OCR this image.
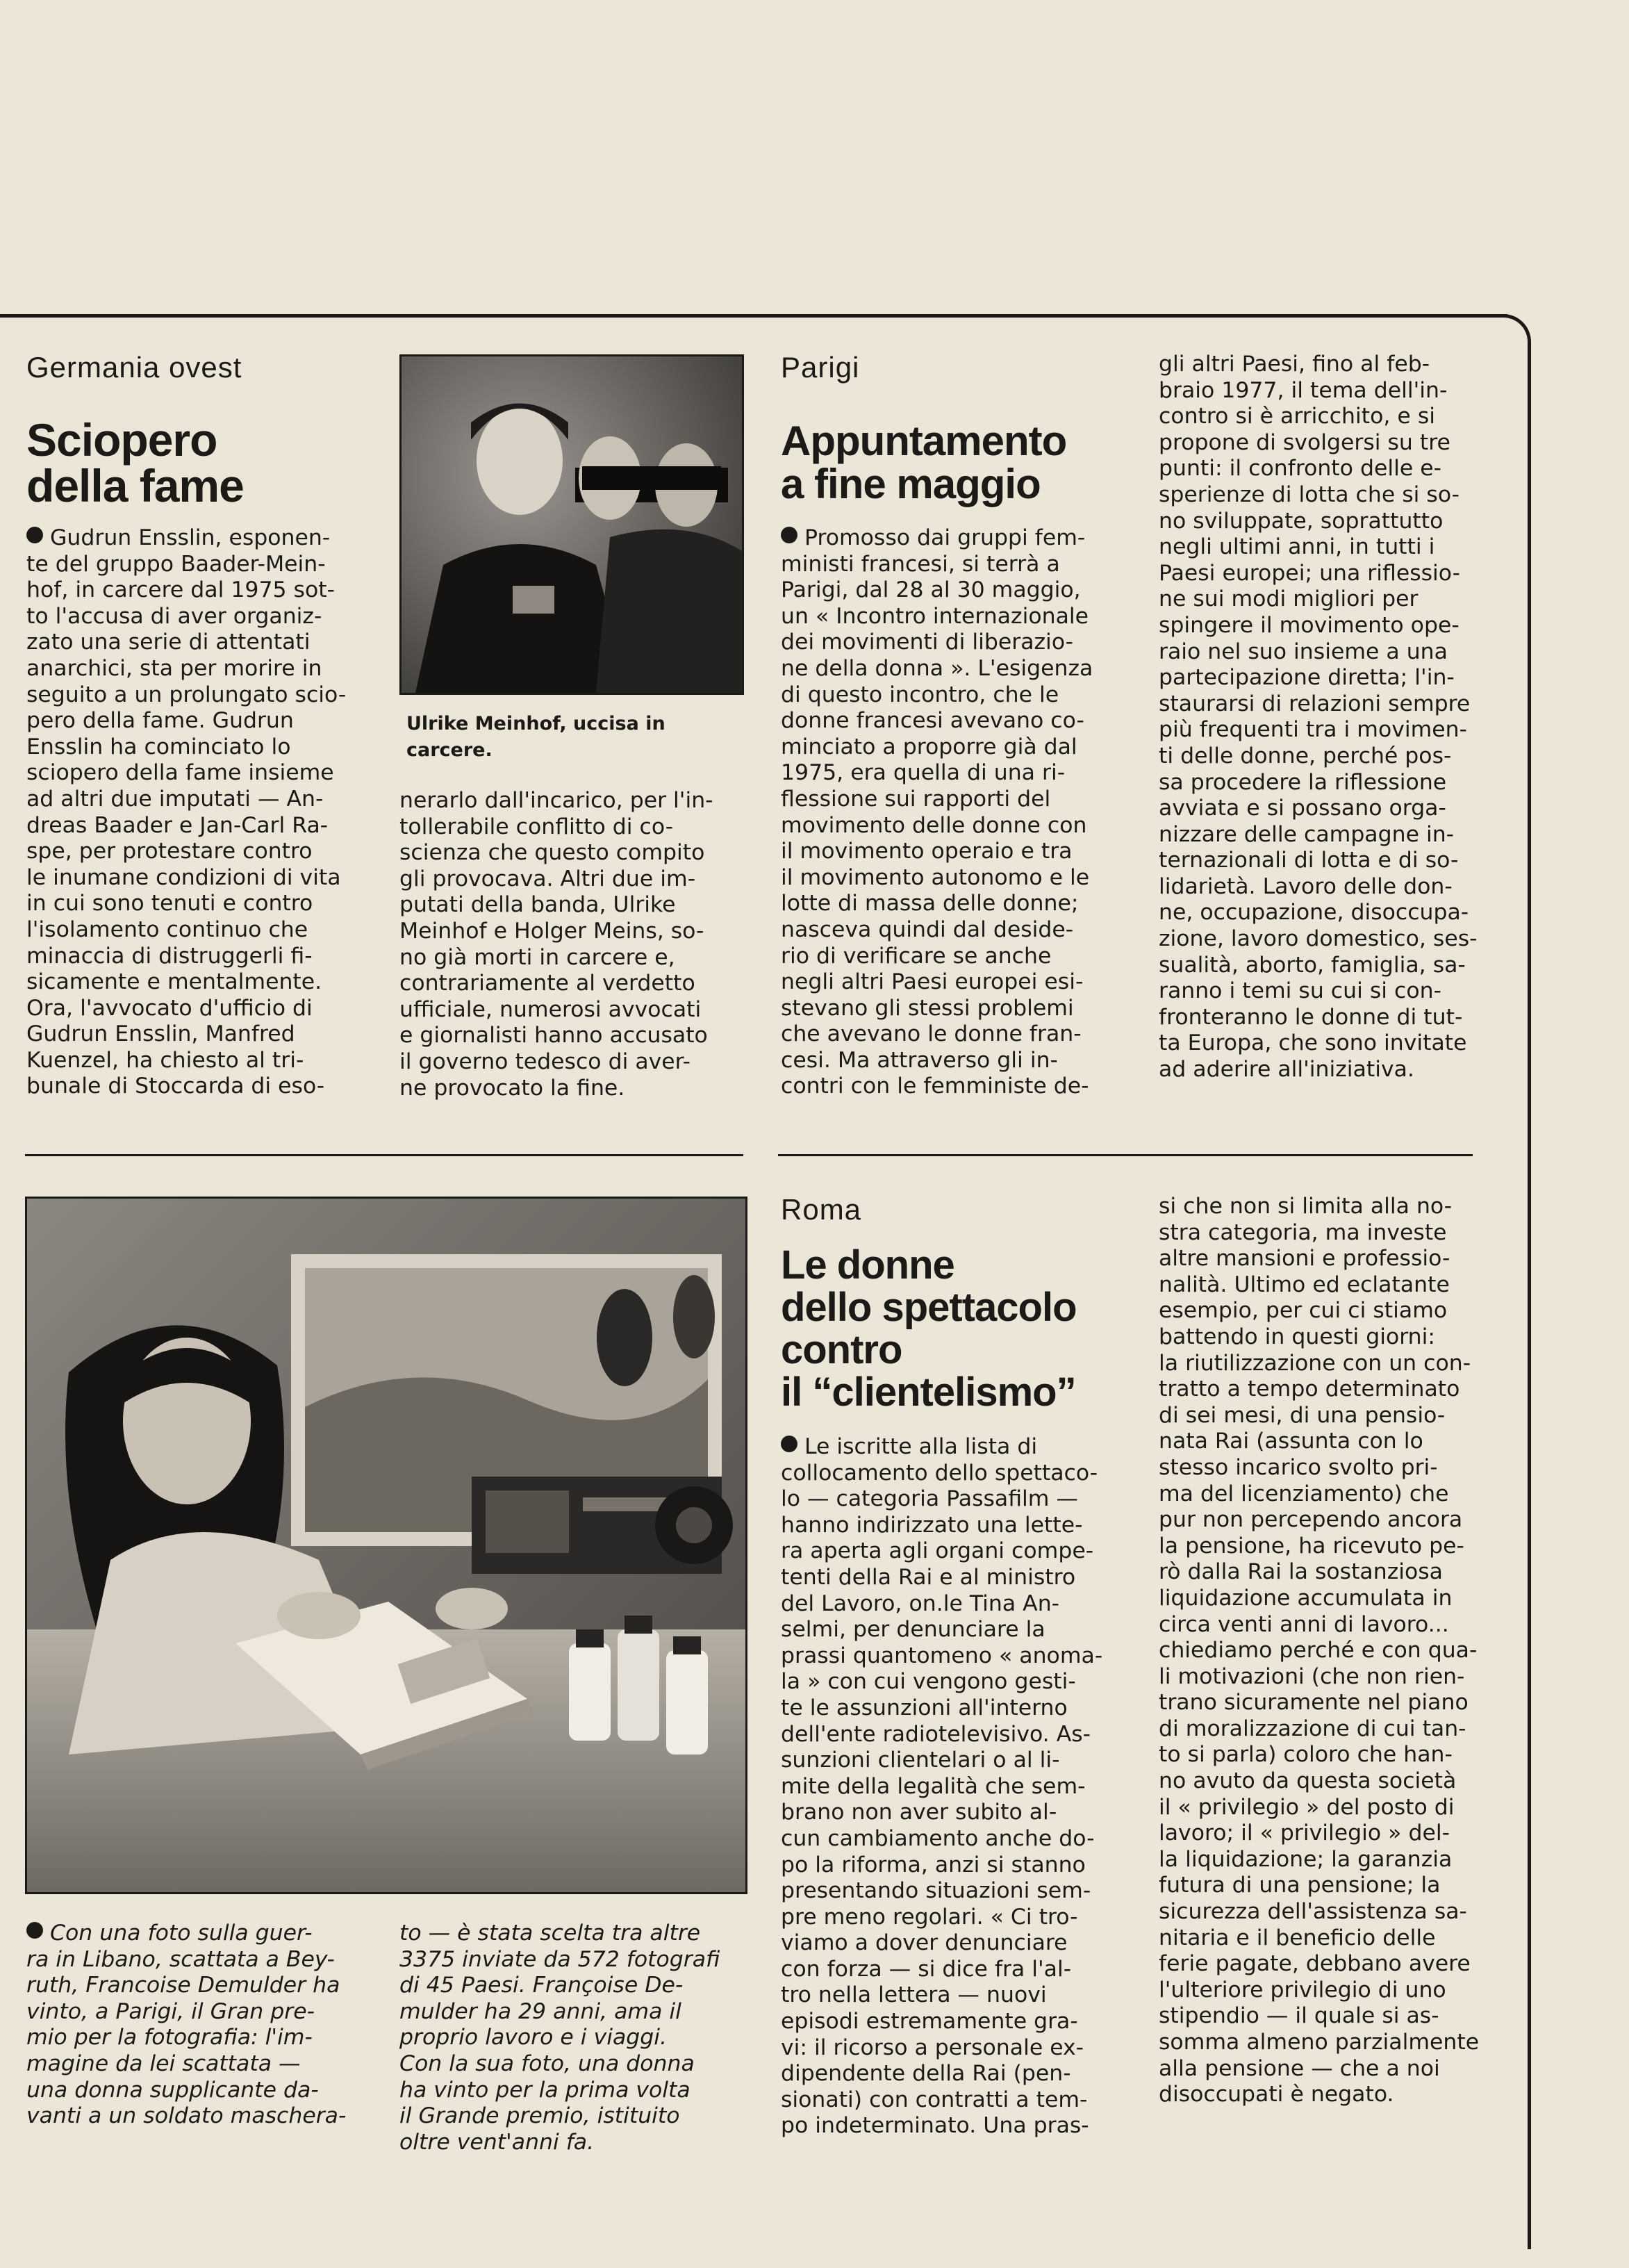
Germania ovest
Sciopero
della fame
Gudrun Ensslin, esponen-
te del gruppo Baader-Mein-
hof, in carcere dal 1975 sot-
to l'accusa di aver organiz-
zato una serie di attentati
anarchici, sta per morire in
seguito a un prolungato scio-
pero della fame. Gudrun
Ensslin ha cominciato lo
sciopero della fame insieme
ad altri due imputati — An-
dreas Baader e Jan-Carl Ra-
spe, per protestare contro
le inumane condizioni di vita
in cui sono tenuti e contro
l'isolamento continuo che
minaccia di distruggerli fi-
sicamente e mentalmente.
Ora, l'avvocato d'ufficio di
Gudrun Ensslin, Manfred
Kuenzel, ha chiesto al tri-
bunale di Stoccarda di eso-
Ulrike Meinhof, uccisa in carcere.
nerarlo dall'incarico, per l'in-
tollerabile conflitto di co-
scienza che questo compito
gli provocava. Altri due im-
putati della banda, Ulrike
Meinhof e Holger Meins, so-
no già morti in carcere e,
contrariamente al verdetto
ufficiale, numerosi avvocati
e giornalisti hanno accusato
il governo tedesco di aver-
ne provocato la fine.
Parigi
Appuntamento
a fine maggio
Promosso dai gruppi fem-
ministi francesi, si terrà a
Parigi, dal 28 al 30 maggio,
un « Incontro internazionale
dei movimenti di liberazio-
ne della donna ». L'esigenza
di questo incontro, che le
donne francesi avevano co-
minciato a proporre già dal
1975, era quella di una ri-
flessione sui rapporti del
movimento delle donne con
il movimento operaio e tra
il movimento autonomo e le
lotte di massa delle donne;
nasceva quindi dal deside-
rio di verificare se anche
negli altri Paesi europei esi-
stevano gli stessi problemi
che avevano le donne fran-
cesi. Ma attraverso gli in-
contri con le femministe de-
gli altri Paesi, fino al feb-
braio 1977, il tema dell'in-
contro si è arricchito, e si
propone di svolgersi su tre
punti: il confronto delle e-
sperienze di lotta che si so-
no sviluppate, soprattutto
negli ultimi anni, in tutti i
Paesi europei; una riflessio-
ne sui modi migliori per
spingere il movimento ope-
raio nel suo insieme a una
partecipazione diretta; l'in-
staurarsi di relazioni sempre
più frequenti tra i movimen-
ti delle donne, perché pos-
sa procedere la riflessione
avviata e si possano orga-
nizzare delle campagne in-
ternazionali di lotta e di so-
lidarietà. Lavoro delle don-
ne, occupazione, disoccupa-
zione, lavoro domestico, ses-
sualità, aborto, famiglia, sa-
ranno i temi su cui si con-
fronteranno le donne di tut-
ta Europa, che sono invitate
ad aderire all'iniziativa.
Con una foto sulla guer-
ra in Libano, scattata a Bey-
ruth, Francoise Demulder ha
vinto, a Parigi, il Gran pre-
mio per la fotografia: l'im-
magine da lei scattata —
una donna supplicante da-
vanti a un soldato maschera-
to — è stata scelta tra altre
3375 inviate da 572 fotografi
di 45 Paesi. Françoise De-
mulder ha 29 anni, ama il
proprio lavoro e i viaggi.
Con la sua foto, una donna
ha vinto per la prima volta
il Grande premio, istituito
oltre vent'anni fa.
Roma
Le donne
dello spettacolo
contro
il “clientelismo”
Le iscritte alla lista di
collocamento dello spettaco-
lo — categoria Passafilm —
hanno indirizzato una lette-
ra aperta agli organi compe-
tenti della Rai e al ministro
del Lavoro, on.le Tina An-
selmi, per denunciare la
prassi quantomeno « anoma-
la » con cui vengono gesti-
te le assunzioni all'interno
dell'ente radiotelevisivo. As-
sunzioni clientelari o al li-
mite della legalità che sem-
brano non aver subito al-
cun cambiamento anche do-
po la riforma, anzi si stanno
presentando situazioni sem-
pre meno regolari. « Ci tro-
viamo a dover denunciare
con forza — si dice fra l'al-
tro nella lettera — nuovi
episodi estremamente gra-
vi: il ricorso a personale ex-
dipendente della Rai (pen-
sionati) con contratti a tem-
po indeterminato. Una pras-
si che non si limita alla no-
stra categoria, ma investe
altre mansioni e professio-
nalità. Ultimo ed eclatante
esempio, per cui ci stiamo
battendo in questi giorni:
la riutilizzazione con un con-
tratto a tempo determinato
di sei mesi, di una pensio-
nata Rai (assunta con lo
stesso incarico svolto pri-
ma del licenziamento) che
pur non percependo ancora
la pensione, ha ricevuto pe-
rò dalla Rai la sostanziosa
liquidazione accumulata in
circa venti anni di lavoro...
chiediamo perché e con qua-
li motivazioni (che non rien-
trano sicuramente nel piano
di moralizzazione di cui tan-
to si parla) coloro che han-
no avuto da questa società
il « privilegio » del posto di
lavoro; il « privilegio » del-
la liquidazione; la garanzia
futura di una pensione; la
sicurezza dell'assistenza sa-
nitaria e il beneficio delle
ferie pagate, debbano avere
l'ulteriore privilegio di uno
stipendio — il quale si as-
somma almeno parzialmente
alla pensione — che a noi
disoccupati è negato.
